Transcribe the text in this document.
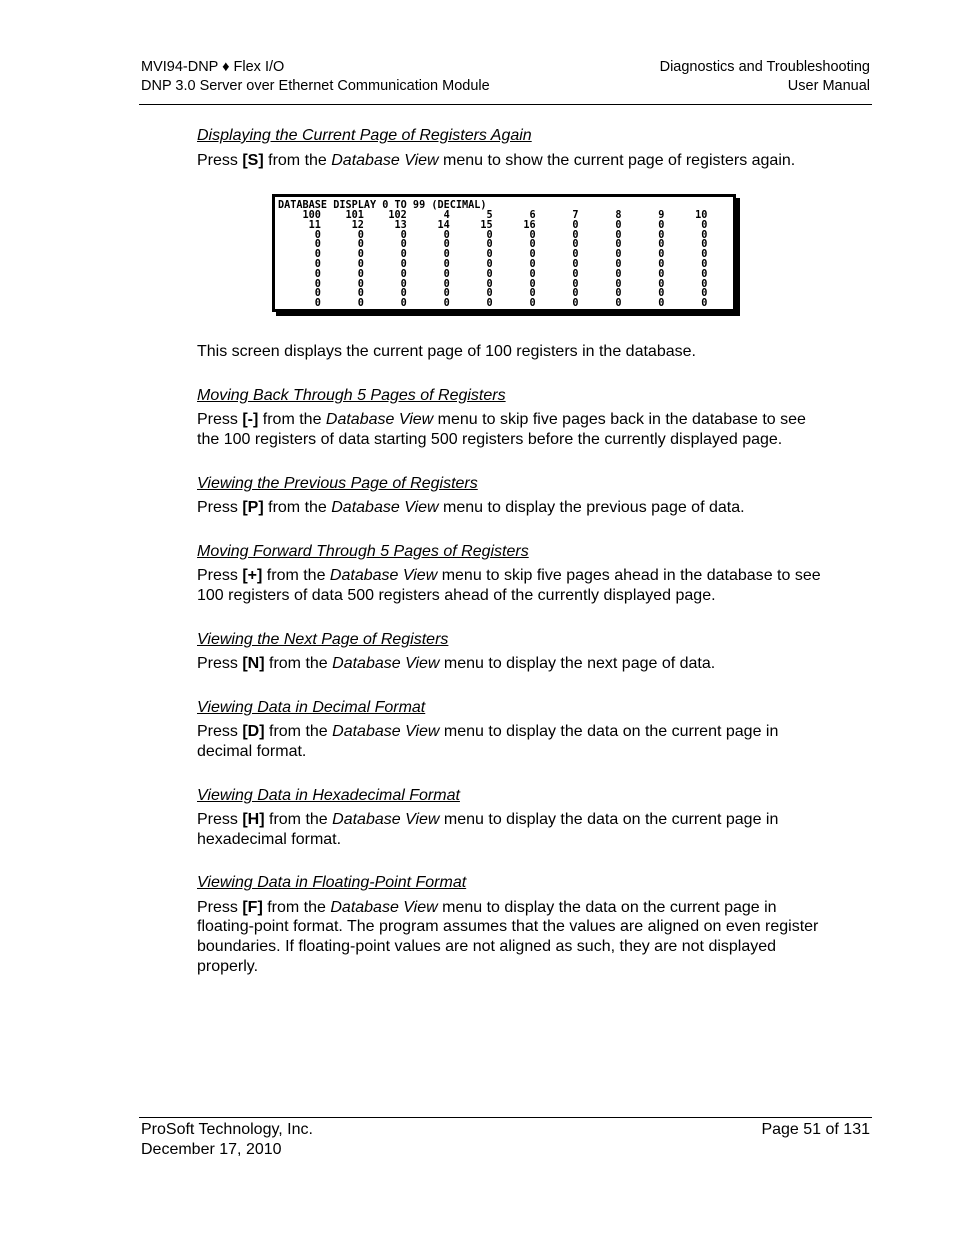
MVI94-DNP ♦ Flex I/O
DNP 3.0 Server over Ethernet Communication Module
Diagnostics and Troubleshooting
User Manual
Displaying the Current Page of Registers Again

Press [S] from the Database View menu to show the current page of registers again.

DATABASE DISPLAY 0 TO 99 (DECIMAL)
100    101    102      4      5      6      7      8      9     10
11     12     13     14     15     16      0      0      0      0
0      0      0      0      0      0      0      0      0      0
0      0      0      0      0      0      0      0      0      0
0      0      0      0      0      0      0      0      0      0
0      0      0      0      0      0      0      0      0      0
0      0      0      0      0      0      0      0      0      0
0      0      0      0      0      0      0      0      0      0
0      0      0      0      0      0      0      0      0      0
0      0      0      0      0      0      0      0      0      0

This screen displays the current page of 100 registers in the database.

Moving Back Through 5 Pages of Registers

Press [-] from the Database View menu to skip five pages back in the database to see the 100 registers of data starting 500 registers before the currently displayed page.

Viewing the Previous Page of Registers

Press [P] from the Database View menu to display the previous page of data.

Moving Forward Through 5 Pages of Registers

Press [+] from the Database View menu to skip five pages ahead in the database to see 100 registers of data 500 registers ahead of the currently displayed page.

Viewing the Next Page of Registers

Press [N] from the Database View menu to display the next page of data.

Viewing Data in Decimal Format

Press [D] from the Database View menu to display the data on the current page in decimal format.

Viewing Data in Hexadecimal Format

Press [H] from the Database View menu to display the data on the current page in hexadecimal format.

Viewing Data in Floating-Point Format

Press [F] from the Database View menu to display the data on the current page in floating-point format. The program assumes that the values are aligned on even register boundaries. If floating-point values are not aligned as such, they are not displayed properly.

ProSoft Technology, Inc.
December 17, 2010
Page 51 of 131
